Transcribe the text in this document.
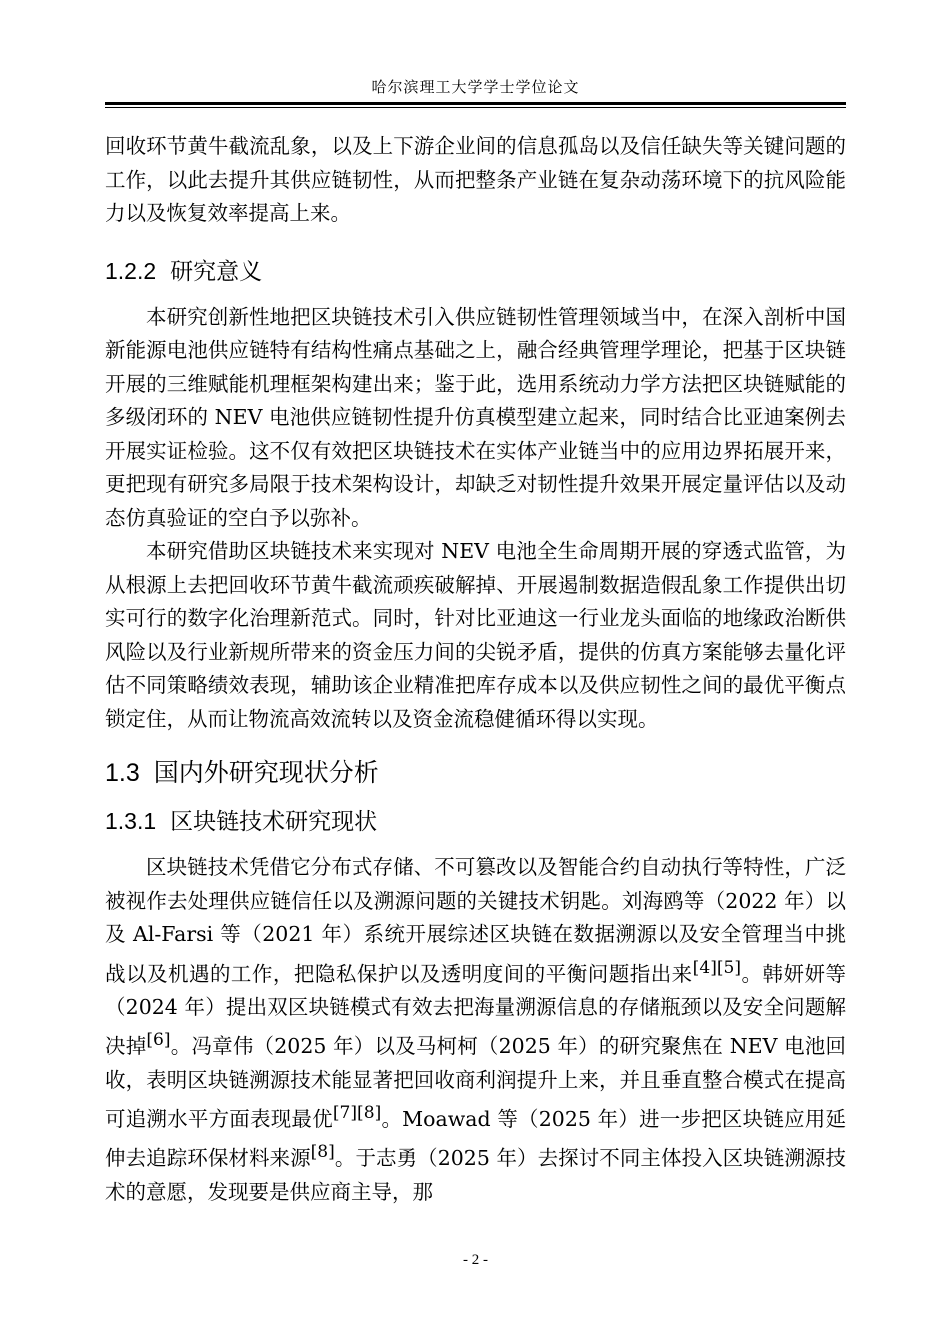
哈尔滨理工大学学士学位论文

回收环节黄牛截流乱象，以及上下游企业间的信息孤岛以及信任缺失等关键问题的工作，以此去提升其供应链韧性，从而把整条产业链在复杂动荡环境下的抗风险能力以及恢复效率提高上来。

1.2.2 研究意义

本研究创新性地把区块链技术引入供应链韧性管理领域当中，在深入剖析中国新能源电池供应链特有结构性痛点基础之上，融合经典管理学理论，把基于区块链开展的三维赋能机理框架构建出来；鉴于此，选用系统动力学方法把区块链赋能的多级闭环的 NEV 电池供应链韧性提升仿真模型建立起来，同时结合比亚迪案例去开展实证检验。这不仅有效把区块链技术在实体产业链当中的应用边界拓展开来，更把现有研究多局限于技术架构设计，却缺乏对韧性提升效果开展定量评估以及动态仿真验证的空白予以弥补。

本研究借助区块链技术来实现对 NEV 电池全生命周期开展的穿透式监管，为从根源上去把回收环节黄牛截流顽疾破解掉、开展遏制数据造假乱象工作提供出切实可行的数字化治理新范式。同时，针对比亚迪这一行业龙头面临的地缘政治断供风险以及行业新规所带来的资金压力间的尖锐矛盾，提供的仿真方案能够去量化评估不同策略绩效表现，辅助该企业精准把库存成本以及供应韧性之间的最优平衡点锁定住，从而让物流高效流转以及资金流稳健循环得以实现。

1.3 国内外研究现状分析
1.3.1 区块链技术研究现状

区块链技术凭借它分布式存储、不可篡改以及智能合约自动执行等特性，广泛被视作去处理供应链信任以及溯源问题的关键技术钥匙。刘海鸥等（2022 年）以及 Al-Farsi 等（2021 年）系统开展综述区块链在数据溯源以及安全管理当中挑战以及机遇的工作，把隐私保护以及透明度间的平衡问题指出来[4][5]。韩妍妍等（2024 年）提出双区块链模式有效去把海量溯源信息的存储瓶颈以及安全问题解决掉[6]。冯章伟（2025 年）以及马柯柯（2025 年）的研究聚焦在 NEV 电池回收，表明区块链溯源技术能显著把回收商利润提升上来，并且垂直整合模式在提高可追溯水平方面表现最优[7][8]。Moawad 等（2025 年）进一步把区块链应用延伸去追踪环保材料来源[8]。于志勇（2025 年）去探讨不同主体投入区块链溯源技术的意愿，发现要是供应商主导，那

- 2 -
